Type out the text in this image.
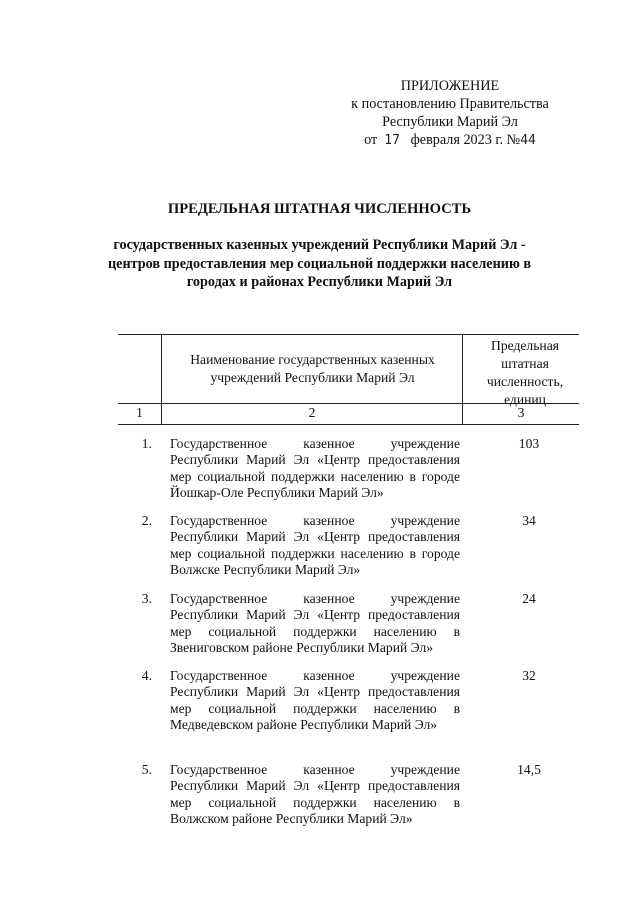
ПРИЛОЖЕНИЕ
к постановлению Правительства
Республики Марий Эл
от 17 февраля 2023 г. №44
ПРЕДЕЛЬНАЯ ШТАТНАЯ ЧИСЛЕННОСТЬ
государственных казенных учреждений Республики Марий Эл - центров предоставления мер социальной поддержки населению в городах и районах Республики Марий Эл
Наименование государственных казенных учреждений Республики Марий Эл
Предельная штатная численность, единиц
1	2	3
1. Государственное казенное учреждение Республики Марий Эл «Центр предоставления мер социальной поддержки населению в городе Йошкар-Оле Республики Марий Эл»
103
2. Государственное казенное учреждение Республики Марий Эл «Центр предоставления мер социальной поддержки населению в городе Волжске Республики Марий Эл»
34
3. Государственное казенное учреждение Республики Марий Эл «Центр предоставления мер социальной поддержки населению в Звениговском районе Республики Марий Эл»
24
4. Государственное казенное учреждение Республики Марий Эл «Центр предоставления мер социальной поддержки населению в Медведевском районе Республики Марий Эл»
32
5. Государственное казенное учреждение Республики Марий Эл «Центр предоставления мер социальной поддержки населению в Волжском районе Республики Марий Эл»
14,5
